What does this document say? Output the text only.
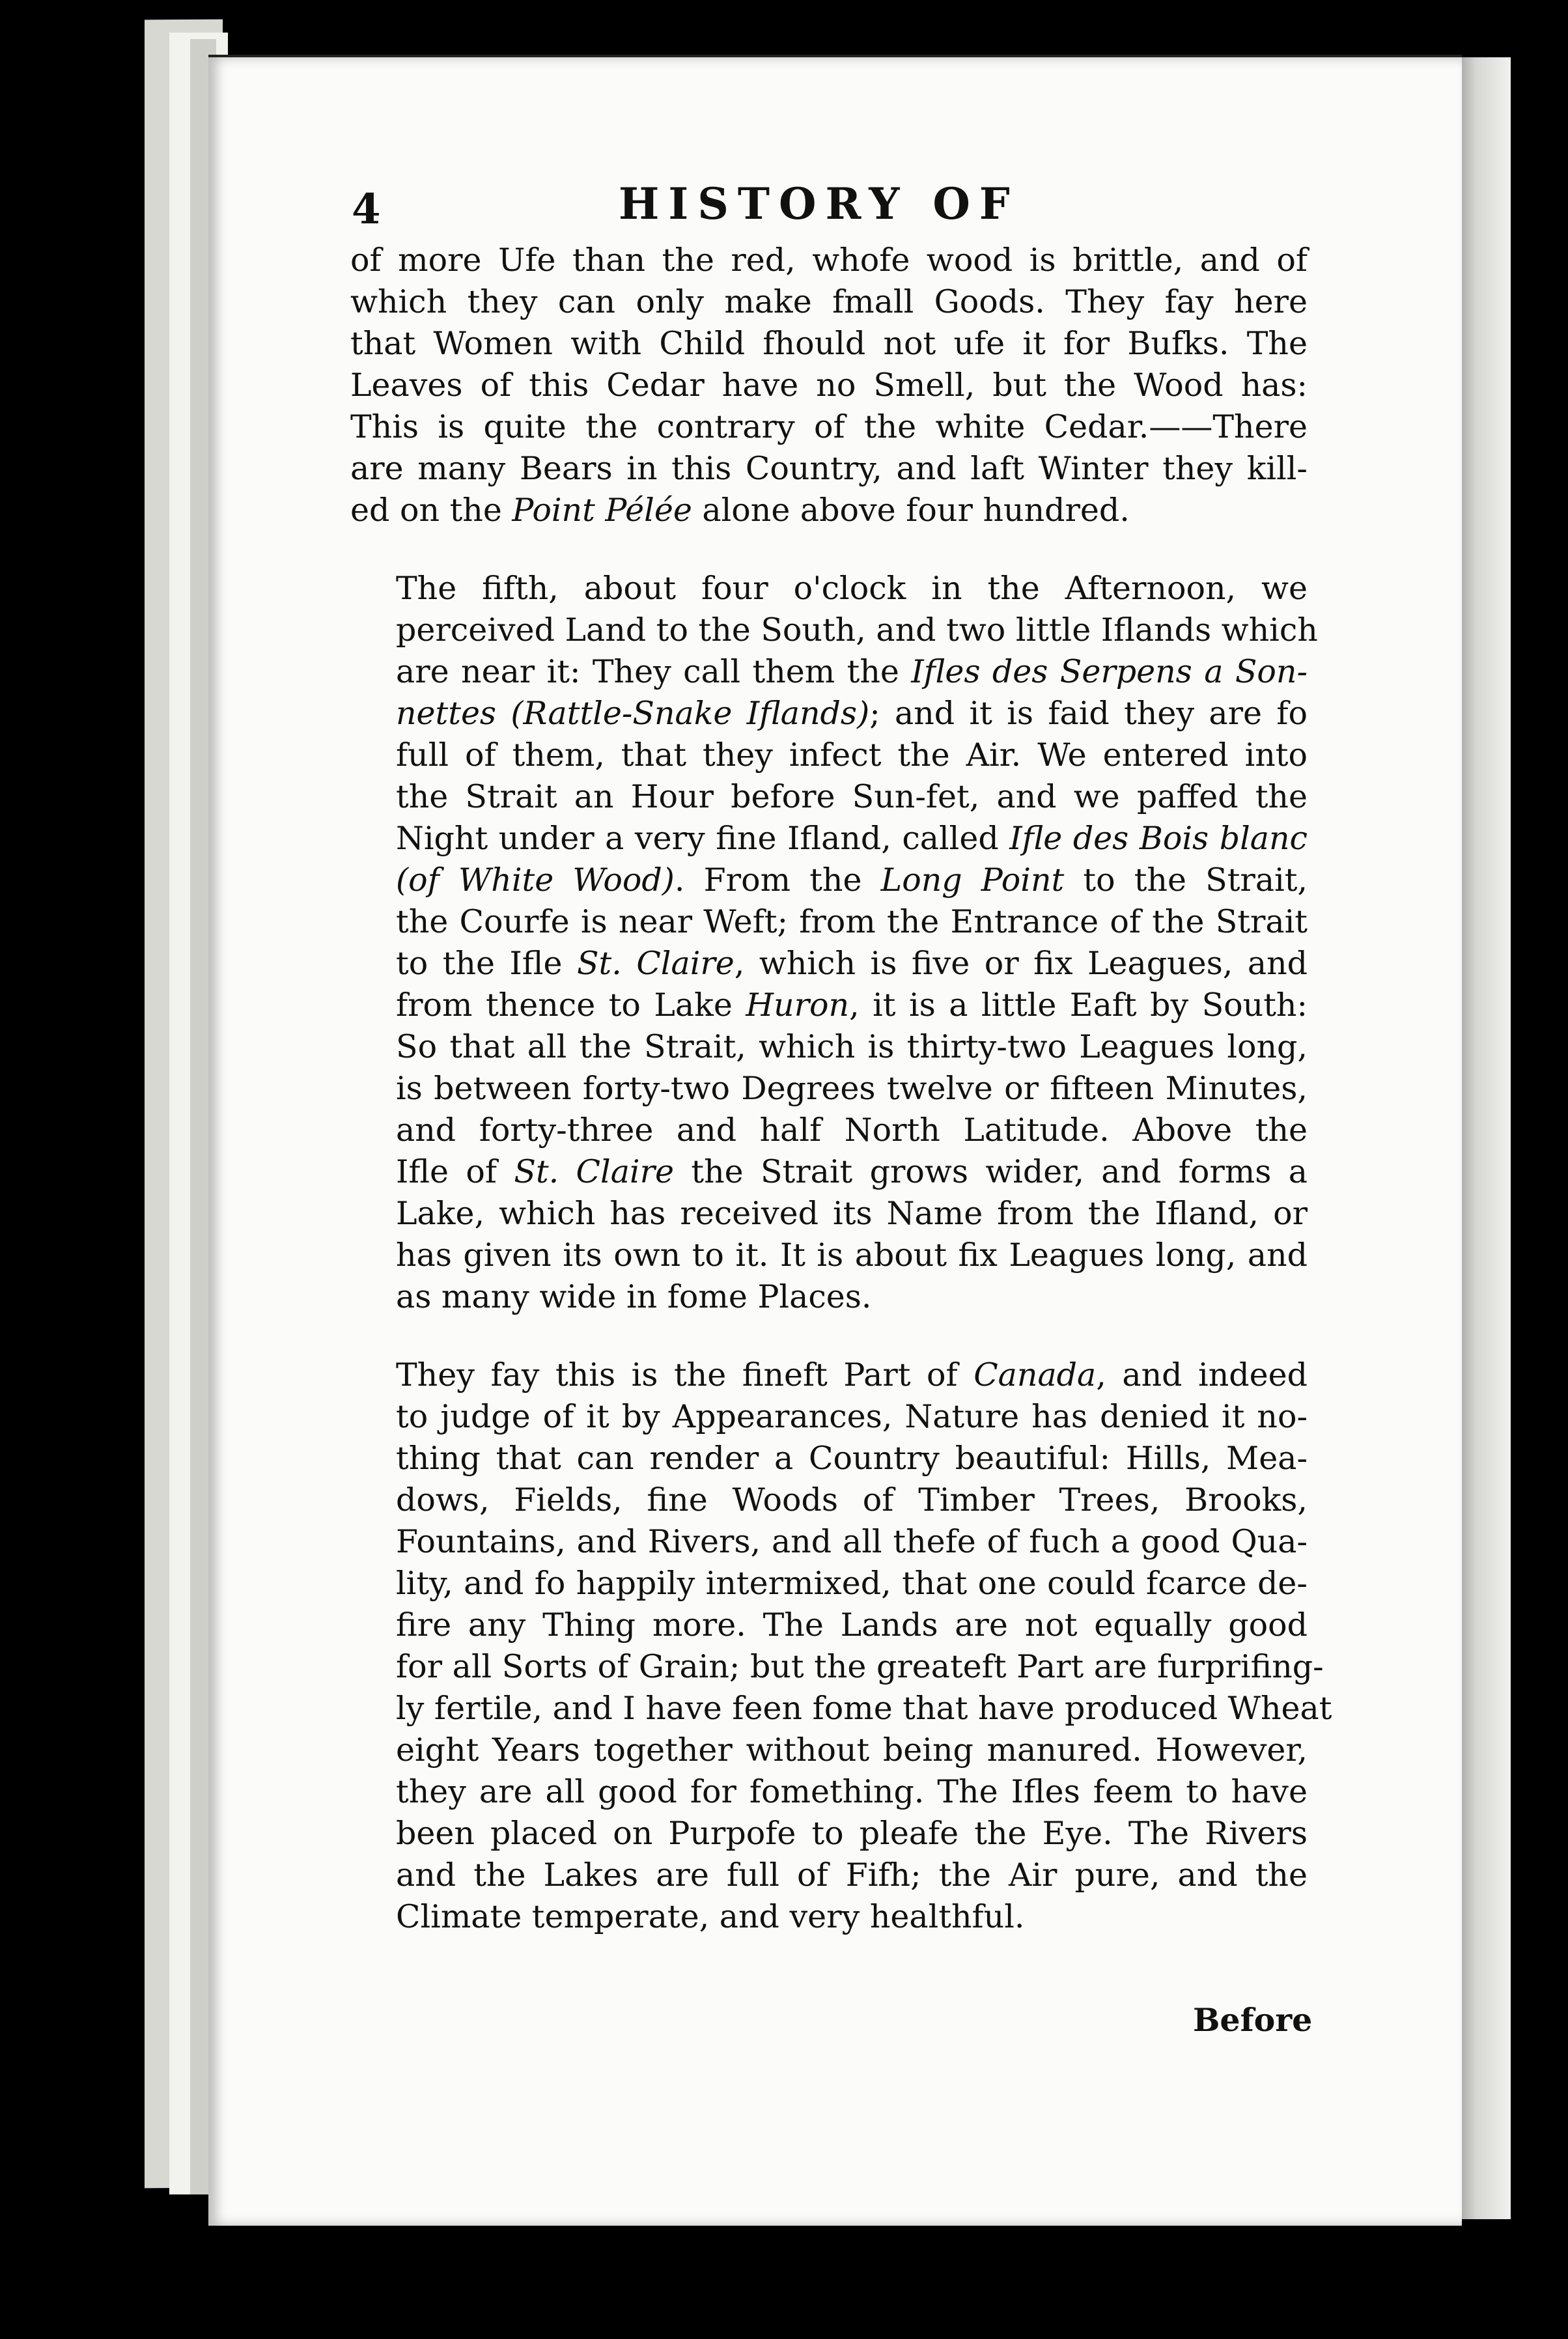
4	HISTORY OF
of more Ufe than the red, whofe wood is brittle, and of
which they can only make fmall Goods. They fay here
that Women with Child fhould not ufe it for Bufks. The
Leaves of this Cedar have no Smell, but the Wood has:
This is quite the contrary of the white Cedar.——There
are many Bears in this Country, and laft Winter they kill-
ed on the Point Pélée alone above four hundred.
The fifth, about four o'clock in the Afternoon, we
perceived Land to the South, and two little Iflands which
are near it: They call them the Ifles des Serpens a Son-
nettes (Rattle-Snake Iflands); and it is faid they are fo
full of them, that they infect the Air. We entered into
the Strait an Hour before Sun-fet, and we paffed the
Night under a very fine Ifland, called Ifle des Bois blanc
(of White Wood). From the Long Point to the Strait,
the Courfe is near Weft; from the Entrance of the Strait
to the Ifle St. Claire, which is five or fix Leagues, and
from thence to Lake Huron, it is a little Eaft by South:
So that all the Strait, which is thirty-two Leagues long,
is between forty-two Degrees twelve or fifteen Minutes,
and forty-three and half North Latitude. Above the
Ifle of St. Claire the Strait grows wider, and forms a
Lake, which has received its Name from the Ifland, or
has given its own to it. It is about fix Leagues long, and
as many wide in fome Places.
They fay this is the fineft Part of Canada, and indeed
to judge of it by Appearances, Nature has denied it no-
thing that can render a Country beautiful: Hills, Mea-
dows, Fields, fine Woods of Timber Trees, Brooks,
Fountains, and Rivers, and all thefe of fuch a good Qua-
lity, and fo happily intermixed, that one could fcarce de-
fire any Thing more. The Lands are not equally good
for all Sorts of Grain; but the greateft Part are furprifing-
ly fertile, and I have feen fome that have produced Wheat
eight Years together without being manured. However,
they are all good for fomething. The Ifles feem to have
been placed on Purpofe to pleafe the Eye. The Rivers
and the Lakes are full of Fifh; the Air pure, and the
Climate temperate, and very healthful.
Before
